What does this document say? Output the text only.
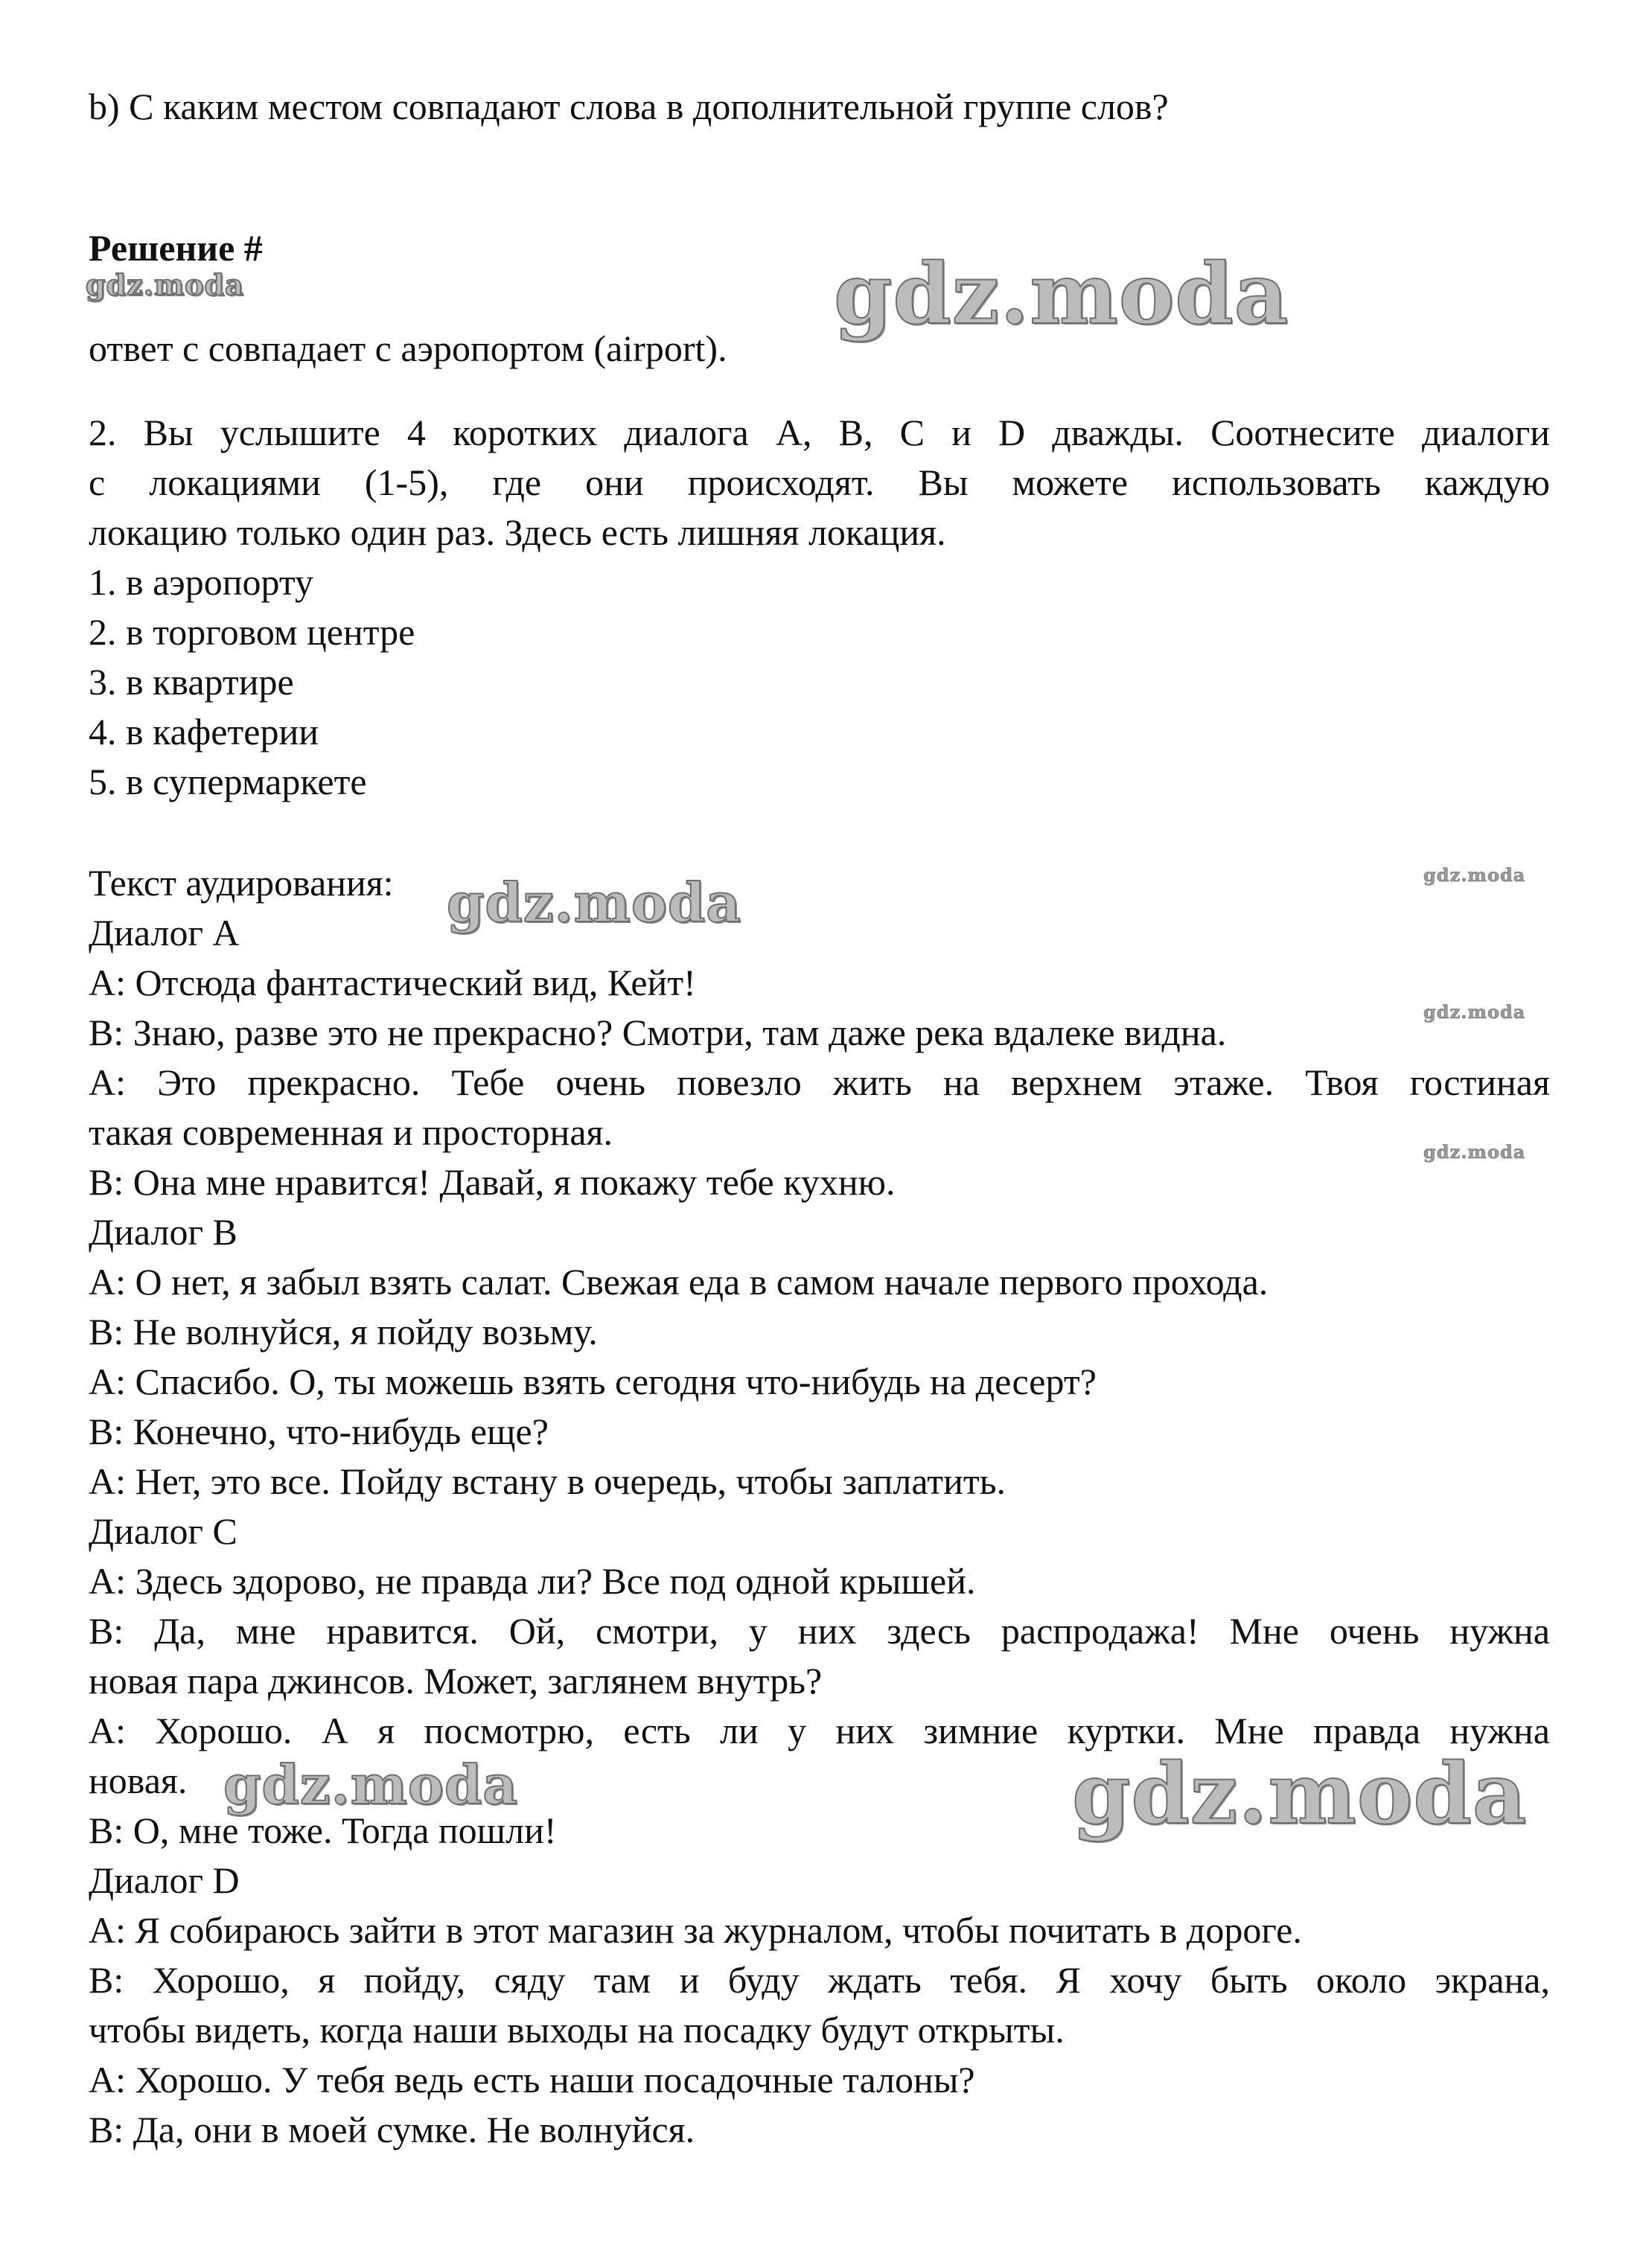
b) С каким местом совпадают слова в дополнительной группе слов?
Решение #
ответ с совпадает с аэропортом (airport).
2. Вы услышите 4 коротких диалога A, B, C и D дважды. Соотнесите диалоги
с локациями (1-5), где они происходят. Вы можете использовать каждую
локацию только один раз. Здесь есть лишняя локация.
1. в аэропорту
2. в торговом центре
3. в квартире
4. в кафетерии
5. в супермаркете
Текст аудирования:
Диалог A
A: Отсюда фантастический вид, Кейт!
B: Знаю, разве это не прекрасно? Смотри, там даже река вдалеке видна.
A: Это прекрасно. Тебе очень повезло жить на верхнем этаже. Твоя гостиная
такая современная и просторная.
B: Она мне нравится! Давай, я покажу тебе кухню.
Диалог B
A: О нет, я забыл взять салат. Свежая еда в самом начале первого прохода.
B: Не волнуйся, я пойду возьму.
A: Спасибо. О, ты можешь взять сегодня что-нибудь на десерт?
B: Конечно, что-нибудь еще?
A: Нет, это все. Пойду встану в очередь, чтобы заплатить.
Диалог C
A: Здесь здорово, не правда ли? Все под одной крышей.
B: Да, мне нравится. Ой, смотри, у них здесь распродажа! Мне очень нужна
новая пара джинсов. Может, заглянем внутрь?
A: Хорошо. А я посмотрю, есть ли у них зимние куртки. Мне правда нужна
новая.
B: О, мне тоже. Тогда пошли!
Диалог D
A: Я собираюсь зайти в этот магазин за журналом, чтобы почитать в дороге.
B: Хорошо, я пойду, сяду там и буду ждать тебя. Я хочу быть около экрана,
чтобы видеть, когда наши выходы на посадку будут открыты.
A: Хорошо. У тебя ведь есть наши посадочные талоны?
B: Да, они в моей сумке. Не волнуйся.
gdz.moda	gdz.moda
gdz.moda	gdz.moda
gdz.moda
gdz.moda
gdz.moda	gdz.moda
